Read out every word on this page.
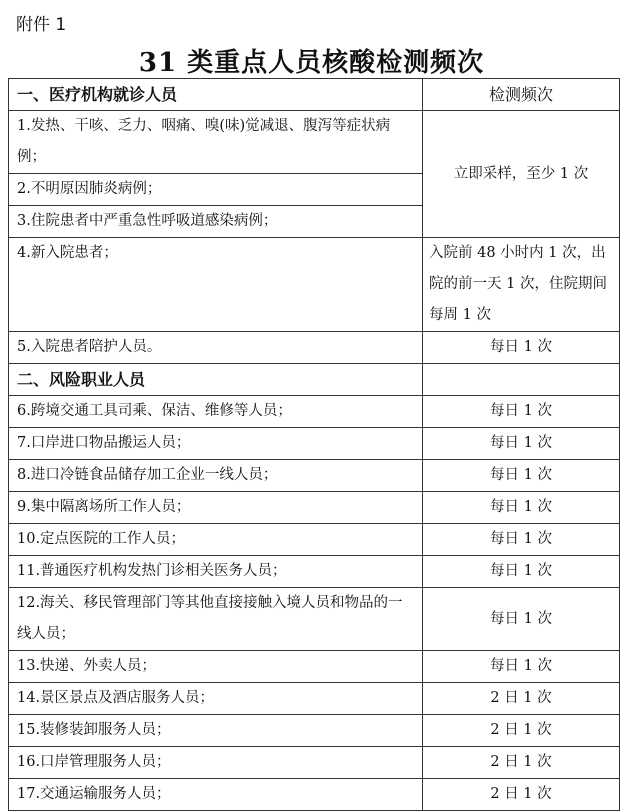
附件 1
31 类重点人员核酸检测频次
一、医疗机构就诊人员	检测频次
1.发热、干咳、乏力、咽痛、嗅(味)觉减退、腹泻等症状病例；	立即采样，至少 1 次
2.不明原因肺炎病例；	
3.住院患者中严重急性呼吸道感染病例；	
4.新入院患者；	入院前 48 小时内 1 次，出院的前一天 1 次，住院期间每周 1 次
5.入院患者陪护人员。	每日 1 次
二、风险职业人员	
6.跨境交通工具司乘、保洁、维修等人员；	每日 1 次
7.口岸进口物品搬运人员；	每日 1 次
8.进口冷链食品储存加工企业一线人员；	每日 1 次
9.集中隔离场所工作人员；	每日 1 次
10.定点医院的工作人员；	每日 1 次
11.普通医疗机构发热门诊相关医务人员；	每日 1 次
12.海关、移民管理部门等其他直接接触入境人员和物品的一线人员；	每日 1 次
13.快递、外卖人员；	每日 1 次
14.景区景点及酒店服务人员；	2 日 1 次
15.装修装卸服务人员；	2 日 1 次
16.口岸管理服务人员；	2 日 1 次
17.交通运输服务人员；	2 日 1 次
